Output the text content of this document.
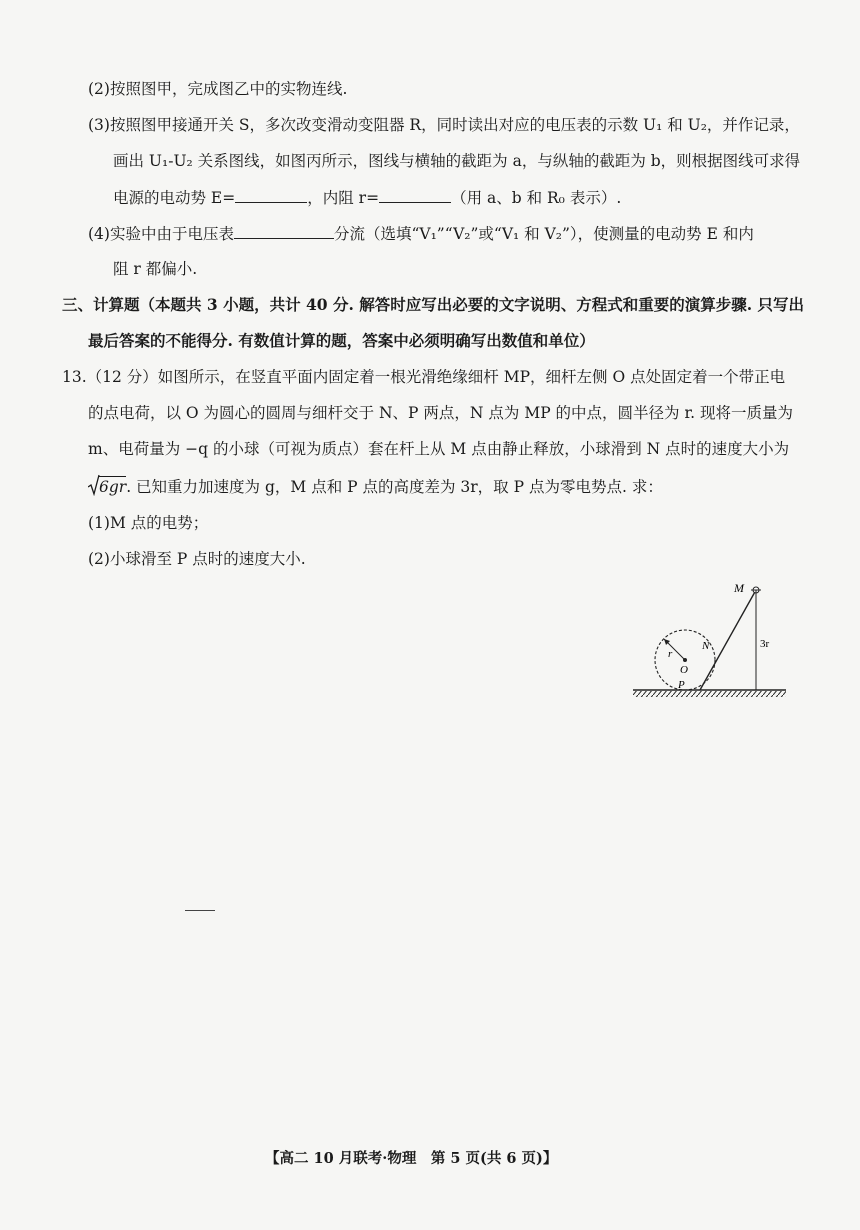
(2)按照图甲，完成图乙中的实物连线.
(3)按照图甲接通开关 S，多次改变滑动变阻器 R，同时读出对应的电压表的示数 U₁ 和 U₂，并作记录，
画出 U₁-U₂ 关系图线，如图丙所示，图线与横轴的截距为 a，与纵轴的截距为 b，则根据图线可求得
电源的电动势 E=	，内阻 r=	（用 a、b 和 R₀ 表示）.
(4)实验中由于电压表	分流（选填“V₁”“V₂”或“V₁ 和 V₂”），使测量的电动势 E 和内
阻 r 都偏小.
三、计算题（本题共 3 小题，共计 40 分. 解答时应写出必要的文字说明、方程式和重要的演算步骤. 只写出
最后答案的不能得分. 有数值计算的题，答案中必须明确写出数值和单位）
13.（12 分）如图所示，在竖直平面内固定着一根光滑绝缘细杆 MP，细杆左侧 O 点处固定着一个带正电
的点电荷，以 O 为圆心的圆周与细杆交于 N、P 两点，N 点为 MP 的中点，圆半径为 r. 现将一质量为
m、电荷量为 −q 的小球（可视为质点）套在杆上从 M 点由静止释放，小球滑到 N 点时的速度大小为
6gr. 已知重力加速度为 g，M 点和 P 点的高度差为 3r，取 P 点为零电势点. 求：
(1)M 点的电势；
(2)小球滑至 P 点时的速度大小.
M
N
P
O
r
3r
【高二 10 月联考·物理　第 5 页(共 6 页)】
